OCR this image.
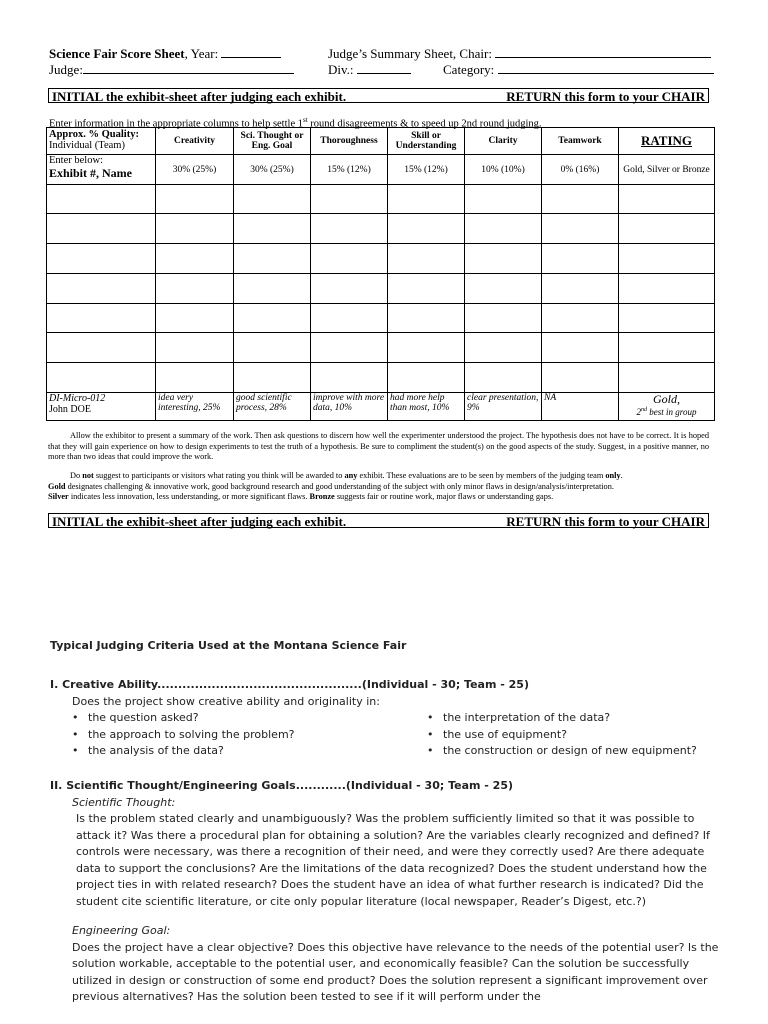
Science Fair Score Sheet, Year:
Judge:
Judge’s Summary Sheet, Chair:
Div.:	Category:
INITIAL the exhibit-sheet after judging each exhibit.	RETURN this form to your CHAIR
Enter information in the appropriate columns to help settle 1st round disagreements & to speed up 2nd round judging.
Approx. % Quality:
Individual (Team)	Creativity	Sci. Thought or Eng. Goal	Thoroughness	Skill or Understanding	Clarity	Teamwork	RATING
Enter below:
Exhibit #, Name	30% (25%)	30% (25%)	15% (12%)	15% (12%)	10% (10%)	0% (16%)	Gold, Silver or Bronze

DI-Micro-012
John DOE	idea very interesting, 25%	good scientific process, 28%	improve with more data, 10%	had more help than most, 10%	clear presentation, 9%	NA	Gold,
2nd best in group
Allow the exhibitor to present a summary of the work. Then ask questions to discern how well the experimenter understood the project. The hypothesis does not have to be correct. It is hoped that they will gain experience on how to design experiments to test the truth of a hypothesis. Be sure to compliment the student(s) on the good aspects of the study. Suggest, in a positive manner, no more than two ideas that could improve the work.
Do not suggest to participants or visitors what rating you think will be awarded to any exhibit. These evaluations are to be seen by members of the judging team only.
Gold designates challenging & innovative work, good background research and good understanding of the subject with only minor flaws in design/analysis/interpretation.
Silver indicates less innovation, less understanding, or more significant flaws. Bronze suggests fair or routine work, major flaws or understanding gaps.
INITIAL the exhibit-sheet after judging each exhibit.	RETURN this form to your CHAIR
Typical Judging Criteria Used at the Montana Science Fair
I. Creative Ability.................................................(Individual - 30; Team - 25)
Does the project show creative ability and originality in:
• the question asked?
• the approach to solving the problem?
• the analysis of the data?
• the interpretation of the data?
• the use of equipment?
• the construction or design of new equipment?
II. Scientific Thought/Engineering Goals............(Individual - 30; Team - 25)
Scientific Thought:
Is the problem stated clearly and unambiguously? Was the problem sufficiently limited so that it was possible to attack it? Was there a procedural plan for obtaining a solution? Are the variables clearly recognized and defined? If controls were necessary, was there a recognition of their need, and were they correctly used? Are there adequate data to support the conclusions? Are the limitations of the data recognized? Does the student understand how the project ties in with related research? Does the student have an idea of what further research is indicated? Did the student cite scientific literature, or cite only popular literature (local newspaper, Reader’s Digest, etc.?)
Engineering Goal:
Does the project have a clear objective? Does this objective have relevance to the needs of the potential user? Is the solution workable, acceptable to the potential user, and economically feasible? Can the solution be successfully utilized in design or construction of some end product? Does the solution represent a significant improvement over previous alternatives? Has the solution been tested to see if it will perform under the
